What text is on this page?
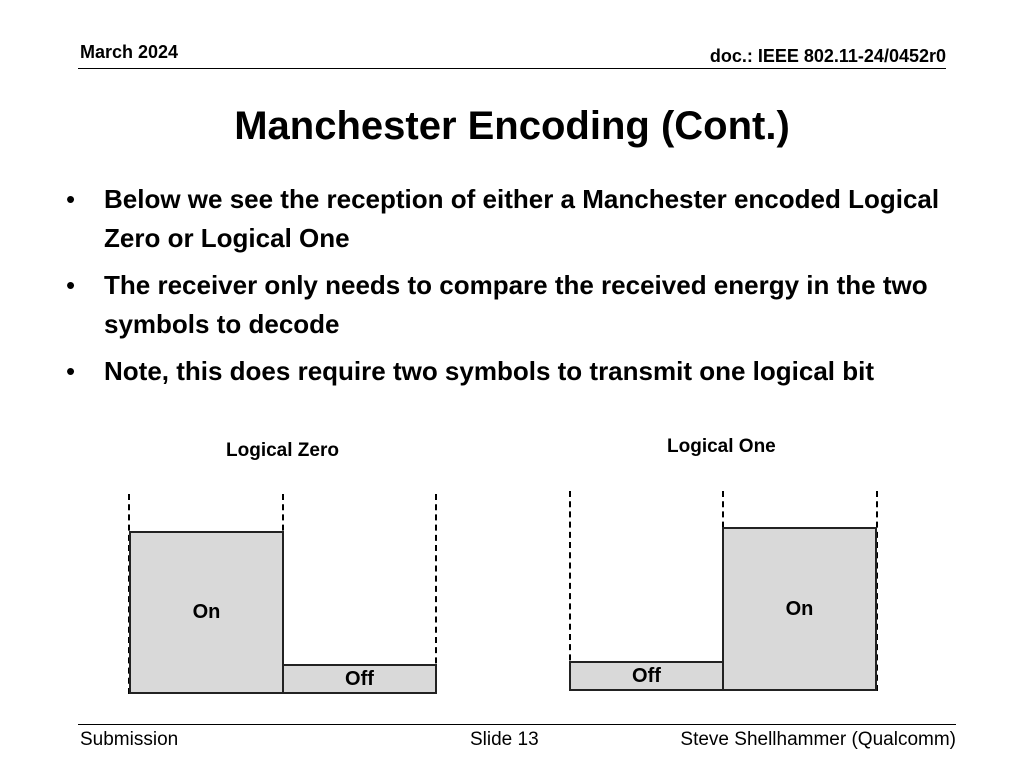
March 2024	doc.: IEEE 802.11-24/0452r0
Manchester Encoding (Cont.)
• Below we see the reception of either a Manchester encoded Logical Zero or Logical One
• The receiver only needs to compare the received energy in the two symbols to decode
• Note, this does require two symbols to transmit one logical bit
Logical Zero
On
Off
Logical One
Off
On
Submission	Slide 13	Steve Shellhammer (Qualcomm)
